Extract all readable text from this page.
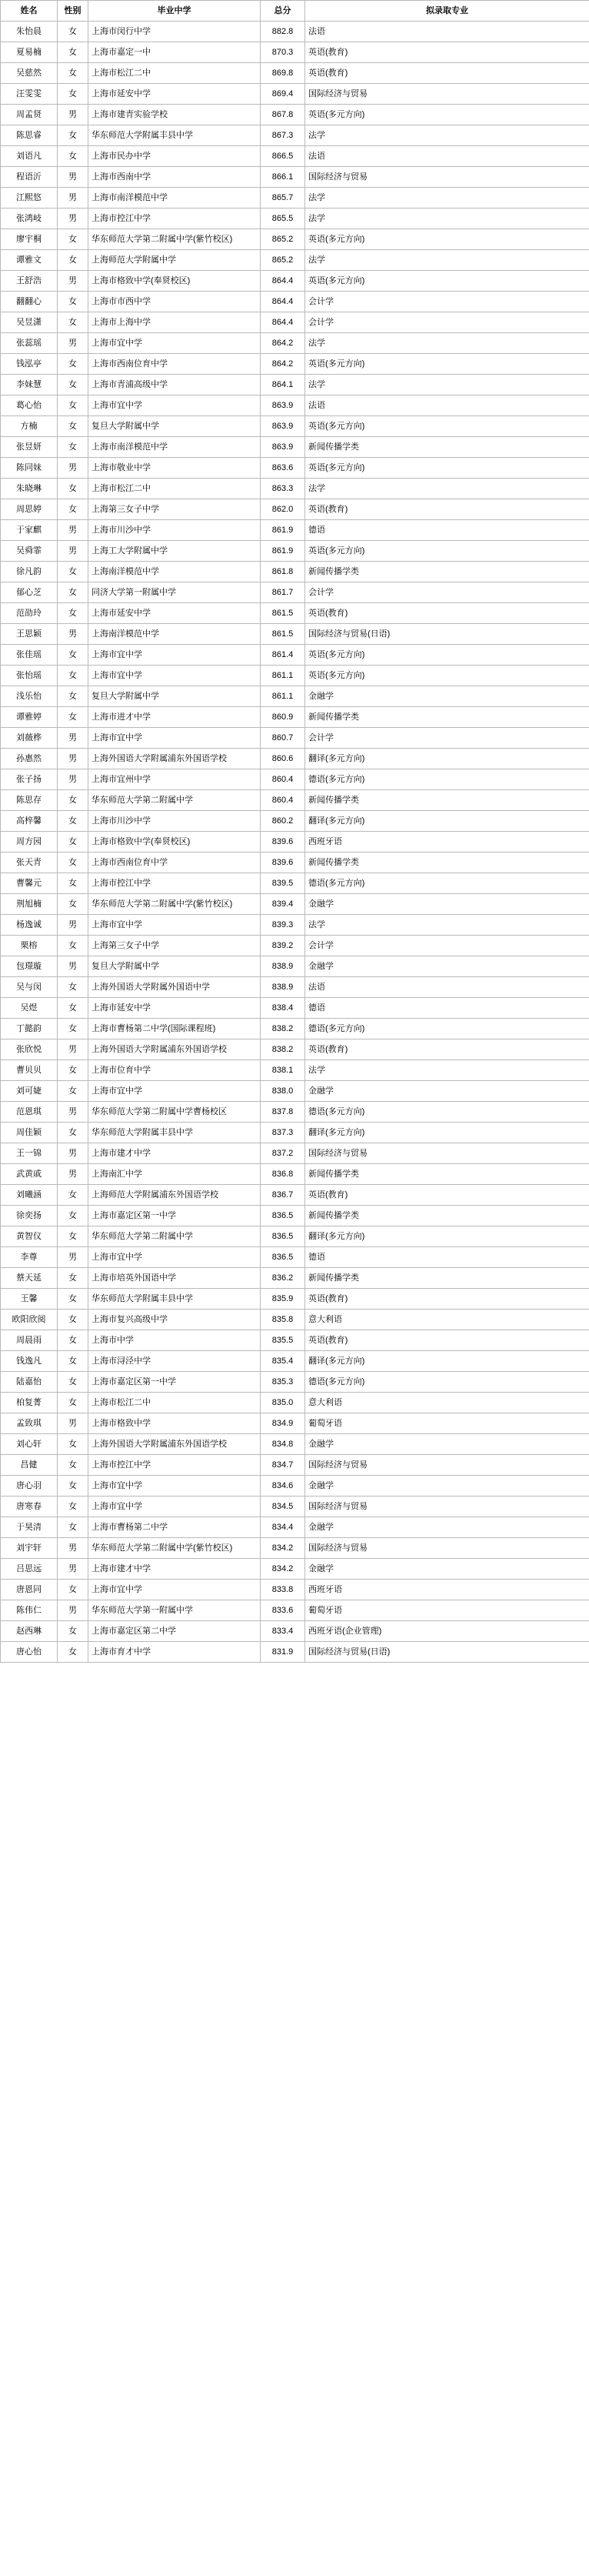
姓名	性别	毕业中学	总分	拟录取专业
朱怡晨	女	上海市闵行中学	882.8	法语
夏易楠	女	上海市嘉定一中	870.3	英语(教育)
吴慈然	女	上海市松江二中	869.8	英语(教育)
汪雯雯	女	上海市延安中学	869.4	国际经济与贸易
周孟贤	男	上海市建青实验学校	867.8	英语(多元方向)
陈思睿	女	华东师范大学附属丰县中学	867.3	法学
刘语凡	女	上海市民办中学	866.5	法语
程语沂	男	上海市西南中学	866.1	国际经济与贸易
江熙悠	男	上海市南洋模范中学	865.7	法学
张鸿岐	男	上海市控江中学	865.5	法学
廖宇桐	女	华东师范大学第二附属中学(紫竹校区)	865.2	英语(多元方向)
谭雅文	女	上海师范大学附属中学	865.2	法学
王舒浩	男	上海市格致中学(奉贤校区)	864.4	英语(多元方向)
翻翻心	女	上海市市西中学	864.4	会计学
吴昱潇	女	上海市上海中学	864.4	会计学
张蕊瑶	男	上海市宜中学	864.2	法学
钱泓亭	女	上海市西南位育中学	864.2	英语(多元方向)
李妹慧	女	上海市青浦高级中学	864.1	法学
葛心怡	女	上海市宜中学	863.9	法语
方楠	女	复旦大学附属中学	863.9	英语(多元方向)
张昱妍	女	上海市南洋模范中学	863.9	新闻传播学类
陈同妹	男	上海市敬业中学	863.6	英语(多元方向)
朱晓琳	女	上海市松江二中	863.3	法学
周思婷	女	上海第三女子中学	862.0	英语(教育)
于家麒	男	上海市川沙中学	861.9	德语
吴舜霏	男	上海工大学附属中学	861.9	英语(多元方向)
徐凡韵	女	上海南洋模范中学	861.8	新闻传播学类
郁心芝	女	同济大学第一附属中学	861.7	会计学
范劭玲	女	上海市延安中学	861.5	英语(教育)
王思颖	男	上海南洋模范中学	861.5	国际经济与贸易(日语)
张佳瑶	女	上海市宜中学	861.4	英语(多元方向)
张怡瑶	女	上海市宜中学	861.1	英语(多元方向)
浅乐怡	女	复旦大学附属中学	861.1	金融学
谭雅婷	女	上海市进才中学	860.9	新闻传播学类
刘薇桦	男	上海市宜中学	860.7	会计学
孙惠然	男	上海外国语大学附属浦东外国语学校	860.6	翻译(多元方向)
张子扬	男	上海市宜州中学	860.4	德语(多元方向)
陈思存	女	华东师范大学第二附属中学	860.4	新闻传播学类
高梓馨	女	上海市川沙中学	860.2	翻译(多元方向)
周方园	女	上海市格致中学(奉贤校区)	839.6	西班牙语
张天青	女	上海市西南位育中学	839.6	新闻传播学类
曹馨元	女	上海市控江中学	839.5	德语(多元方向)
荆旭楠	女	华东师范大学第二附属中学(紫竹校区)	839.4	金融学
杨逸诚	男	上海市宜中学	839.3	法学
栗榕	女	上海第三女子中学	839.2	会计学
包璟璇	男	复旦大学附属中学	838.9	金融学
吴与闵	女	上海外国语大学附属外国语中学	838.9	法语
吴煜	女	上海市延安中学	838.4	德语
丁懿韵	女	上海市曹杨第二中学(国际课程班)	838.2	德语(多元方向)
张欣悦	男	上海外国语大学附属浦东外国语学校	838.2	英语(教育)
曹贝贝	女	上海市位育中学	838.1	法学
刘可婕	女	上海市宜中学	838.0	金融学
范恩琪	男	华东师范大学第二附属中学曹杨校区	837.8	德语(多元方向)
周佳颖	女	华东师范大学附属丰县中学	837.3	翻译(多元方向)
王一锦	男	上海市建才中学	837.2	国际经济与贸易
武黄戚	男	上海南汇中学	836.8	新闻传播学类
刘曦涵	女	上海师范大学附属浦东外国语学校	836.7	英语(教育)
徐奕扬	女	上海市嘉定区第一中学	836.5	新闻传播学类
黄智仪	女	华东师范大学第二附属中学	836.5	翻译(多元方向)
李尊	男	上海市宜中学	836.5	德语
蔡天延	女	上海市培英外国语中学	836.2	新闻传播学类
王馨	女	华东师范大学附属丰县中学	835.9	英语(教育)
欧阳欣阅	女	上海市复兴高级中学	835.8	意大利语
周晨雨	女	上海市中学	835.5	英语(教育)
钱逸凡	女	上海市浔泾中学	835.4	翻译(多元方向)
陆嘉怡	女	上海市嘉定区第一中学	835.3	德语(多元方向)
柏复菁	女	上海市松江二中	835.0	意大利语
孟致琪	男	上海市格致中学	834.9	葡萄牙语
刘心轩	女	上海外国语大学附属浦东外国语学校	834.8	金融学
昌健	女	上海市控江中学	834.7	国际经济与贸易
唐心羽	女	上海市宜中学	834.6	金融学
唐寒春	女	上海市宜中学	834.5	国际经济与贸易
于昊清	女	上海市曹杨第二中学	834.4	金融学
刘宇轩	男	华东师范大学第二附属中学(紫竹校区)	834.2	国际经济与贸易
吕思远	男	上海市建才中学	834.2	金融学
唐恩同	女	上海市宜中学	833.8	西班牙语
陈伟仁	男	华东师范大学第一附属中学	833.6	葡萄牙语
赵西琳	女	上海市嘉定区第二中学	833.4	西班牙语(企业管理)
唐心怡	女	上海市育才中学	831.9	国际经济与贸易(日语)
